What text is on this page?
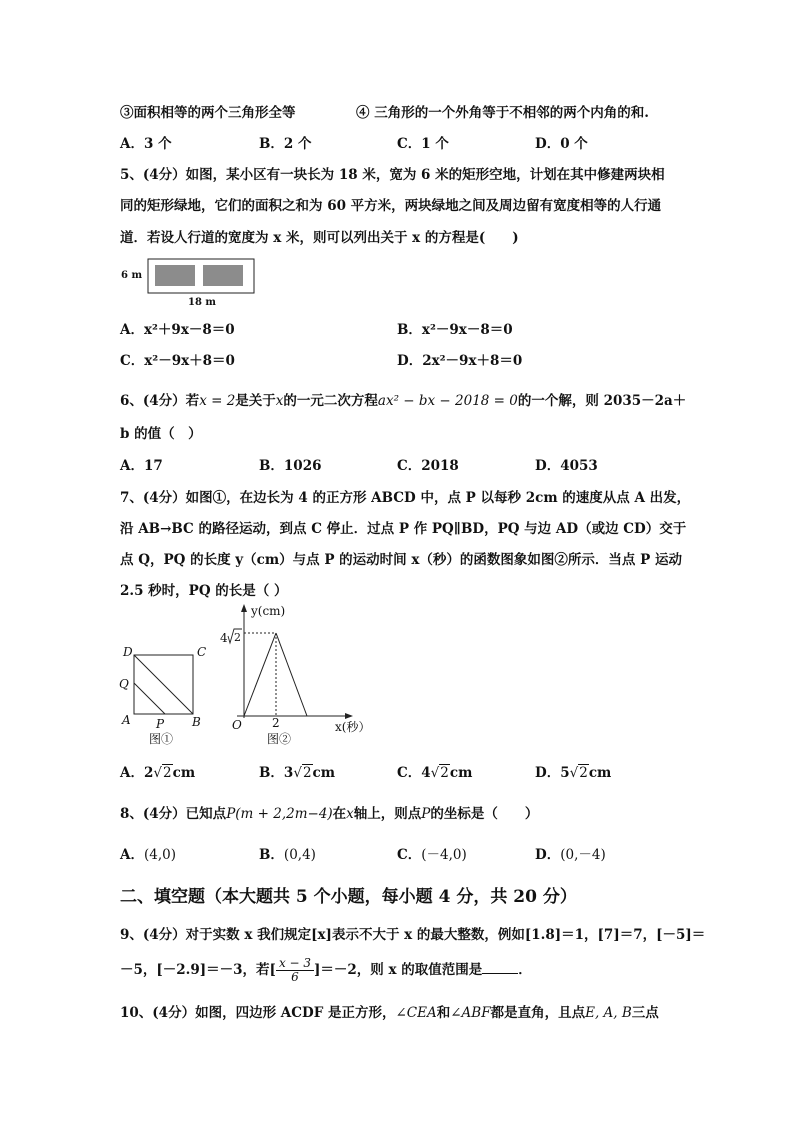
③面积相等的两个三角形全等	④ 三角形的一个外角等于不相邻的两个内角的和.
A．3 个	B．2 个	C．1 个	D．0 个
5、(4分）如图，某小区有一块长为 18 米，宽为 6 米的矩形空地，计划在其中修建两块相
同的矩形绿地，它们的面积之和为 60 平方米，两块绿地之间及周边留有宽度相等的人行通
道．若设人行道的宽度为 x 米，则可以列出关于 x 的方程是(　　)
6 m
18 m
A．x²＋9x－8＝0	B．x²－9x－8＝0
C．x²－9x＋8＝0	D．2x²－9x＋8＝0
6、(4分）若x = 2是关于x的一元二次方程ax² − bx − 2018 = 0的一个解，则 2035－2a＋
b 的值（　）
A．17	B．1026	C．2018	D．4053
7、(4分）如图①，在边长为 4 的正方形 ABCD 中，点 P 以每秒 2cm 的速度从点 A 出发，
沿 AB→BC 的路径运动，到点 C 停止．过点 P 作 PQ∥BD，PQ 与边 AD（或边 CD）交于
点 Q，PQ 的长度 y（cm）与点 P 的运动时间 x（秒）的函数图象如图②所示．当点 P 运动
2.5 秒时，PQ 的长是（ ）
D	C
Q
A P B
图①
y(cm)
4 2
O	2	x(秒）
图②
A．2√2cm	B．3√2cm	C．4√2cm	D．5√2cm
8、(4分）已知点P(m + 2,2m−4)在x轴上，则点P的坐标是（　　）
A．(4,0)	B．(0,4)	C．(－4,0)	D．(0,－4)
二、填空题（本大题共 5 个小题，每小题 4 分，共 20 分）
9、(4分）对于实数 x 我们规定[x]表示不大于 x 的最大整数，例如[1.8]＝1，[7]＝7，[－5]＝
－5，[－2.9]＝－3，若[ $\frac{x - 3}{6} ]=-2$，则 x 的取值范围是	．
10、(4分）如图，四边形 ACDF 是正方形，∠CEA和∠ABF都是直角，且点E, A, B三点
